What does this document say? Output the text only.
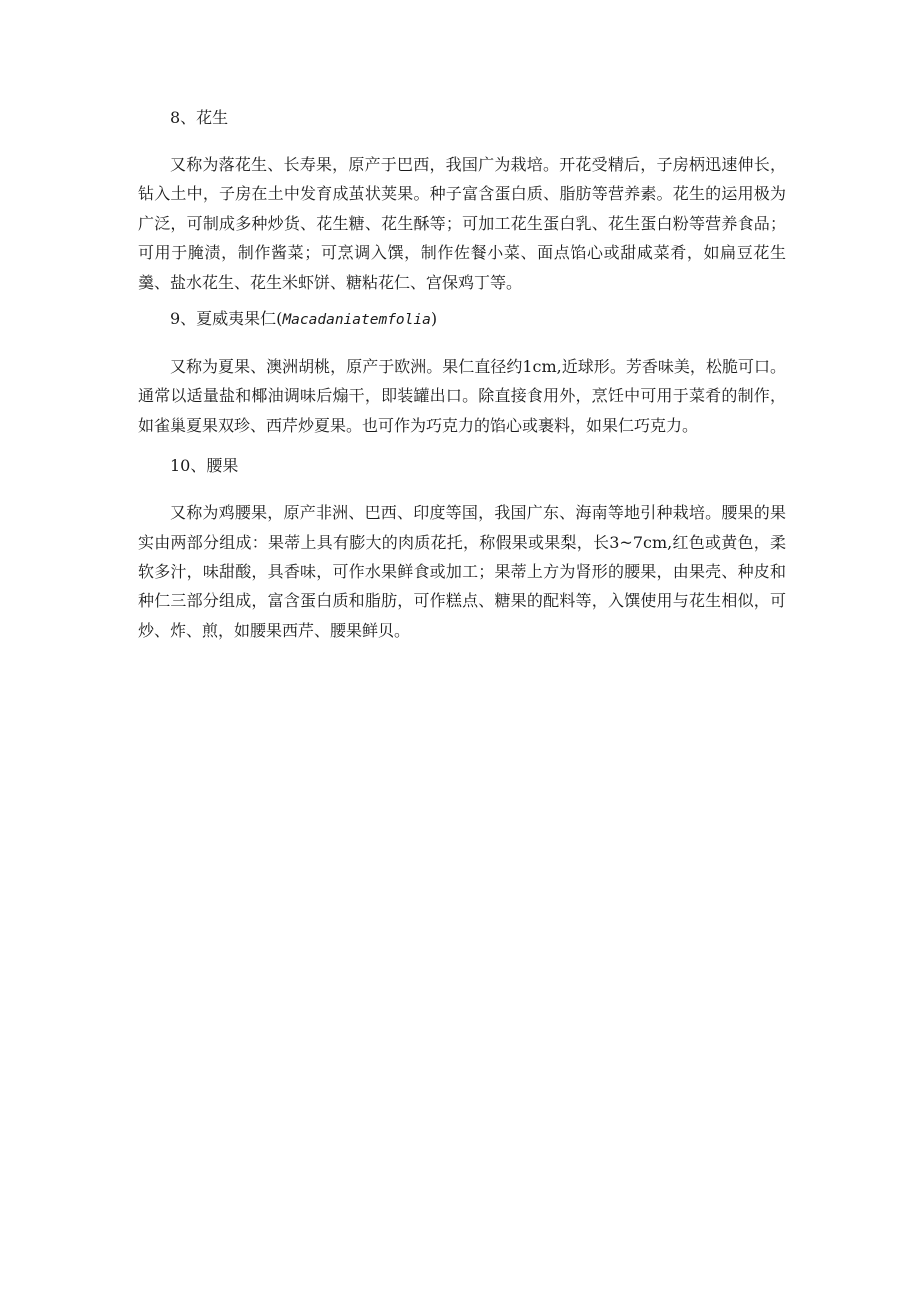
8、花生

又称为落花生、长寿果，原产于巴西，我国广为栽培。开花受精后，子房柄迅速伸长，钻入土中，子房在土中发育成茧状荚果。种子富含蛋白质、脂肪等营养素。花生的运用极为广泛，可制成多种炒货、花生糖、花生酥等；可加工花生蛋白乳、花生蛋白粉等营养食品；可用于腌渍，制作酱菜；可烹调入馔，制作佐餐小菜、面点馅心或甜咸菜肴，如扁豆花生羹、盐水花生、花生米虾饼、糖粘花仁、宫保鸡丁等。

9、夏威夷果仁(Macadaniatemfolia)

又称为夏果、澳洲胡桃，原产于欧洲。果仁直径约1cm,近球形。芳香味美，松脆可口。通常以适量盐和椰油调味后煽干，即装罐出口。除直接食用外，烹饪中可用于菜肴的制作，如雀巢夏果双珍、西芹炒夏果。也可作为巧克力的馅心或裹料，如果仁巧克力。

10、腰果

又称为鸡腰果，原产非洲、巴西、印度等国，我国广东、海南等地引种栽培。腰果的果实由两部分组成：果蒂上具有膨大的肉质花托，称假果或果梨，长3~7cm,红色或黄色，柔软多汁，味甜酸，具香味，可作水果鲜食或加工；果蒂上方为肾形的腰果，由果壳、种皮和种仁三部分组成，富含蛋白质和脂肪，可作糕点、糖果的配料等，入馔使用与花生相似，可炒、炸、煎，如腰果西芹、腰果鲜贝。
